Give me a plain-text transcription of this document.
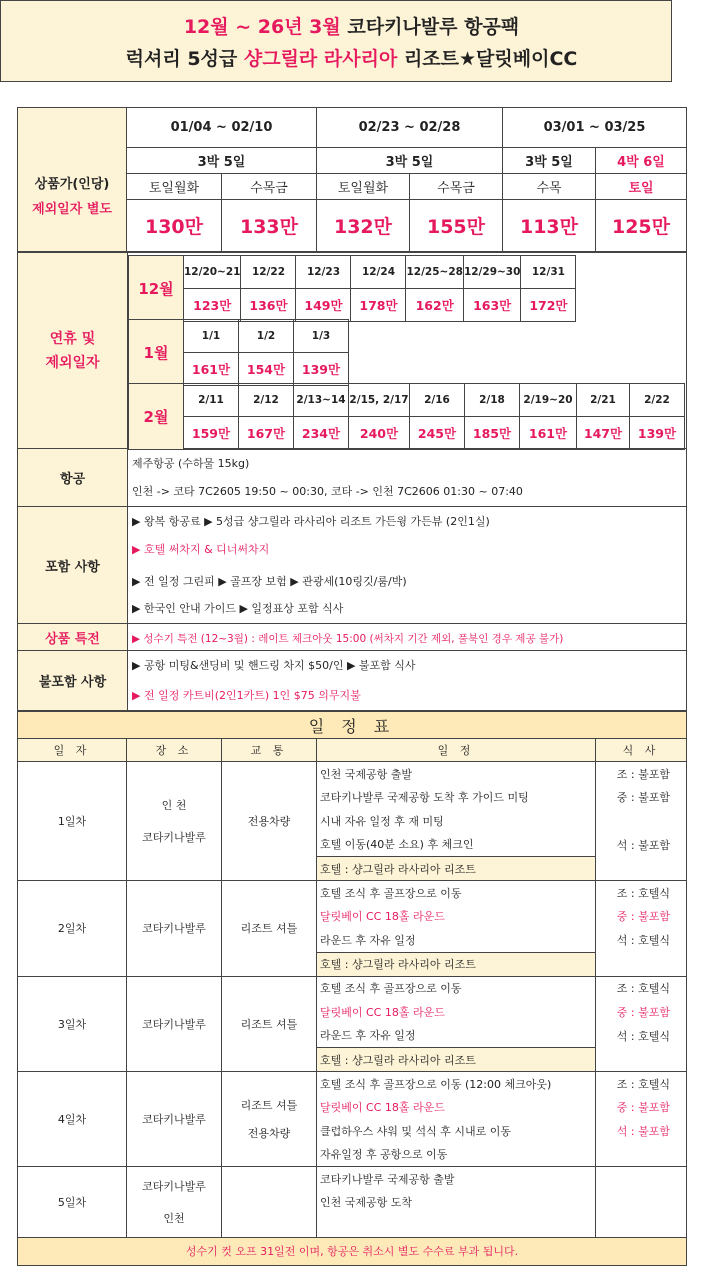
12월 ~ 26년 3월 코타키나발루 항공팩
럭셔리 5성급 샹그릴라 라사리아 리조트★달릿베이CC
상품가(인당)
제외일자 별도	01/04 ~ 02/10		02/23 ~ 02/28		03/01 ~ 03/25	
	3박 5일		3박 5일		3박 5일	4박 6일
	토일월화	수목금	토일월화	수목금	수목	토일
	130만	133만	132만	155만	113만	125만
연휴 및
제외일자
12월	12/20~21	12/22	12/23	12/24	12/25~28	12/29~30	12/31
	123만	136만	149만	178만	162만	163만	172만
1월	1/1	1/2	1/3
	161만	154만	139만
2월	2/11	2/12	2/13~14	2/15, 2/17	2/16	2/18	2/19~20	2/21	2/22
	159만	167만	234만	240만	245만	185만	161만	147만	139만
항공
제주항공 (수하물 15kg)
인천 -> 코타 7C2605 19:50 ~ 00:30, 코타 -> 인천 7C2606 01:30 ~ 07:40
포함 사항
▶ 왕복 항공료 ▶ 5성급 샹그릴라 라사리아 리조트 가든윙 가든뷰 (2인1실)
▶ 호텔 써차지 & 디너써차지
▶ 전 일정 그린피 ▶ 골프장 보험 ▶ 관광세(10링깃/룸/박)
▶ 한국인 안내 가이드 ▶ 일정표상 포함 식사
상품 특전	▶ 성수기 특전 (12~3월) : 레이트 체크아웃 15:00 (써차지 기간 제외, 풀북인 경우 제공 불가)
불포함 사항
▶ 공항 미팅&샌딩비 및 핸드링 차지 $50/인 ▶ 불포함 식사
▶ 전 일정 카트비(2인1카트) 1인 $75 의무지불
일 정 표				
일 자	장 소	교 통	일 정	식 사
1일차	인 천
코타키나발루	전용차량	인천 국제공항 출발	조 : 불포함
			코타키나발루 국제공항 도착 후 가이드 미팅	중 : 불포함
			시내 자유 일정 후 재 미팅	
			호텔 이동(40분 소요) 후 체크인	석 : 불포함
			호텔 : 샹그릴라 라사리아 리조트	
2일차	코타키나발루	리조트 셔틀	호텔 조식 후 골프장으로 이동	조 : 호텔식
			달릿베이 CC 18홀 라운드	중 : 불포함
			라운드 후 자유 일정	석 : 호텔식
			호텔 : 샹그릴라 라사리아 리조트	
3일차	코타키나발루	리조트 셔틀	호텔 조식 후 골프장으로 이동	조 : 호텔식
			달릿베이 CC 18홀 라운드	중 : 불포함
			라운드 후 자유 일정	석 : 호텔식
			호텔 : 샹그릴라 라사리아 리조트	
4일차	코타키나발루	리조트 셔틀
전용차량	호텔 조식 후 골프장으로 이동 (12:00 체크아웃)	조 : 호텔식
			달릿베이 CC 18홀 라운드	중 : 불포함
			클럽하우스 샤워 및 석식 후 시내로 이동	석 : 불포함
			자유일정 후 공항으로 이동	
5일차	코타키나발루
인천		코타키나발루 국제공항 출발	
			인천 국제공항 도착	

성수기 컷 오프 31일전 이며, 항공은 취소시 별도 수수료 부과 됩니다.
